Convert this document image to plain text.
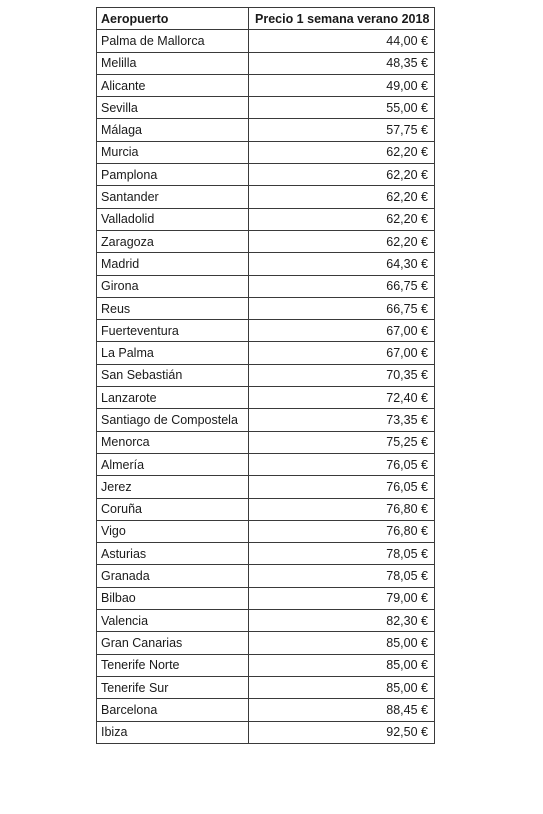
Aeropuerto	Precio 1 semana verano 2018
Palma de Mallorca	44,00 €
Melilla	48,35 €
Alicante	49,00 €
Sevilla	55,00 €
Málaga	57,75 €
Murcia	62,20 €
Pamplona	62,20 €
Santander	62,20 €
Valladolid	62,20 €
Zaragoza	62,20 €
Madrid	64,30 €
Girona	66,75 €
Reus	66,75 €
Fuerteventura	67,00 €
La Palma	67,00 €
San Sebastián	70,35 €
Lanzarote	72,40 €
Santiago de Compostela	73,35 €
Menorca	75,25 €
Almería	76,05 €
Jerez	76,05 €
Coruña	76,80 €
Vigo	76,80 €
Asturias	78,05 €
Granada	78,05 €
Bilbao	79,00 €
Valencia	82,30 €
Gran Canarias	85,00 €
Tenerife Norte	85,00 €
Tenerife Sur	85,00 €
Barcelona	88,45 €
Ibiza	92,50 €
